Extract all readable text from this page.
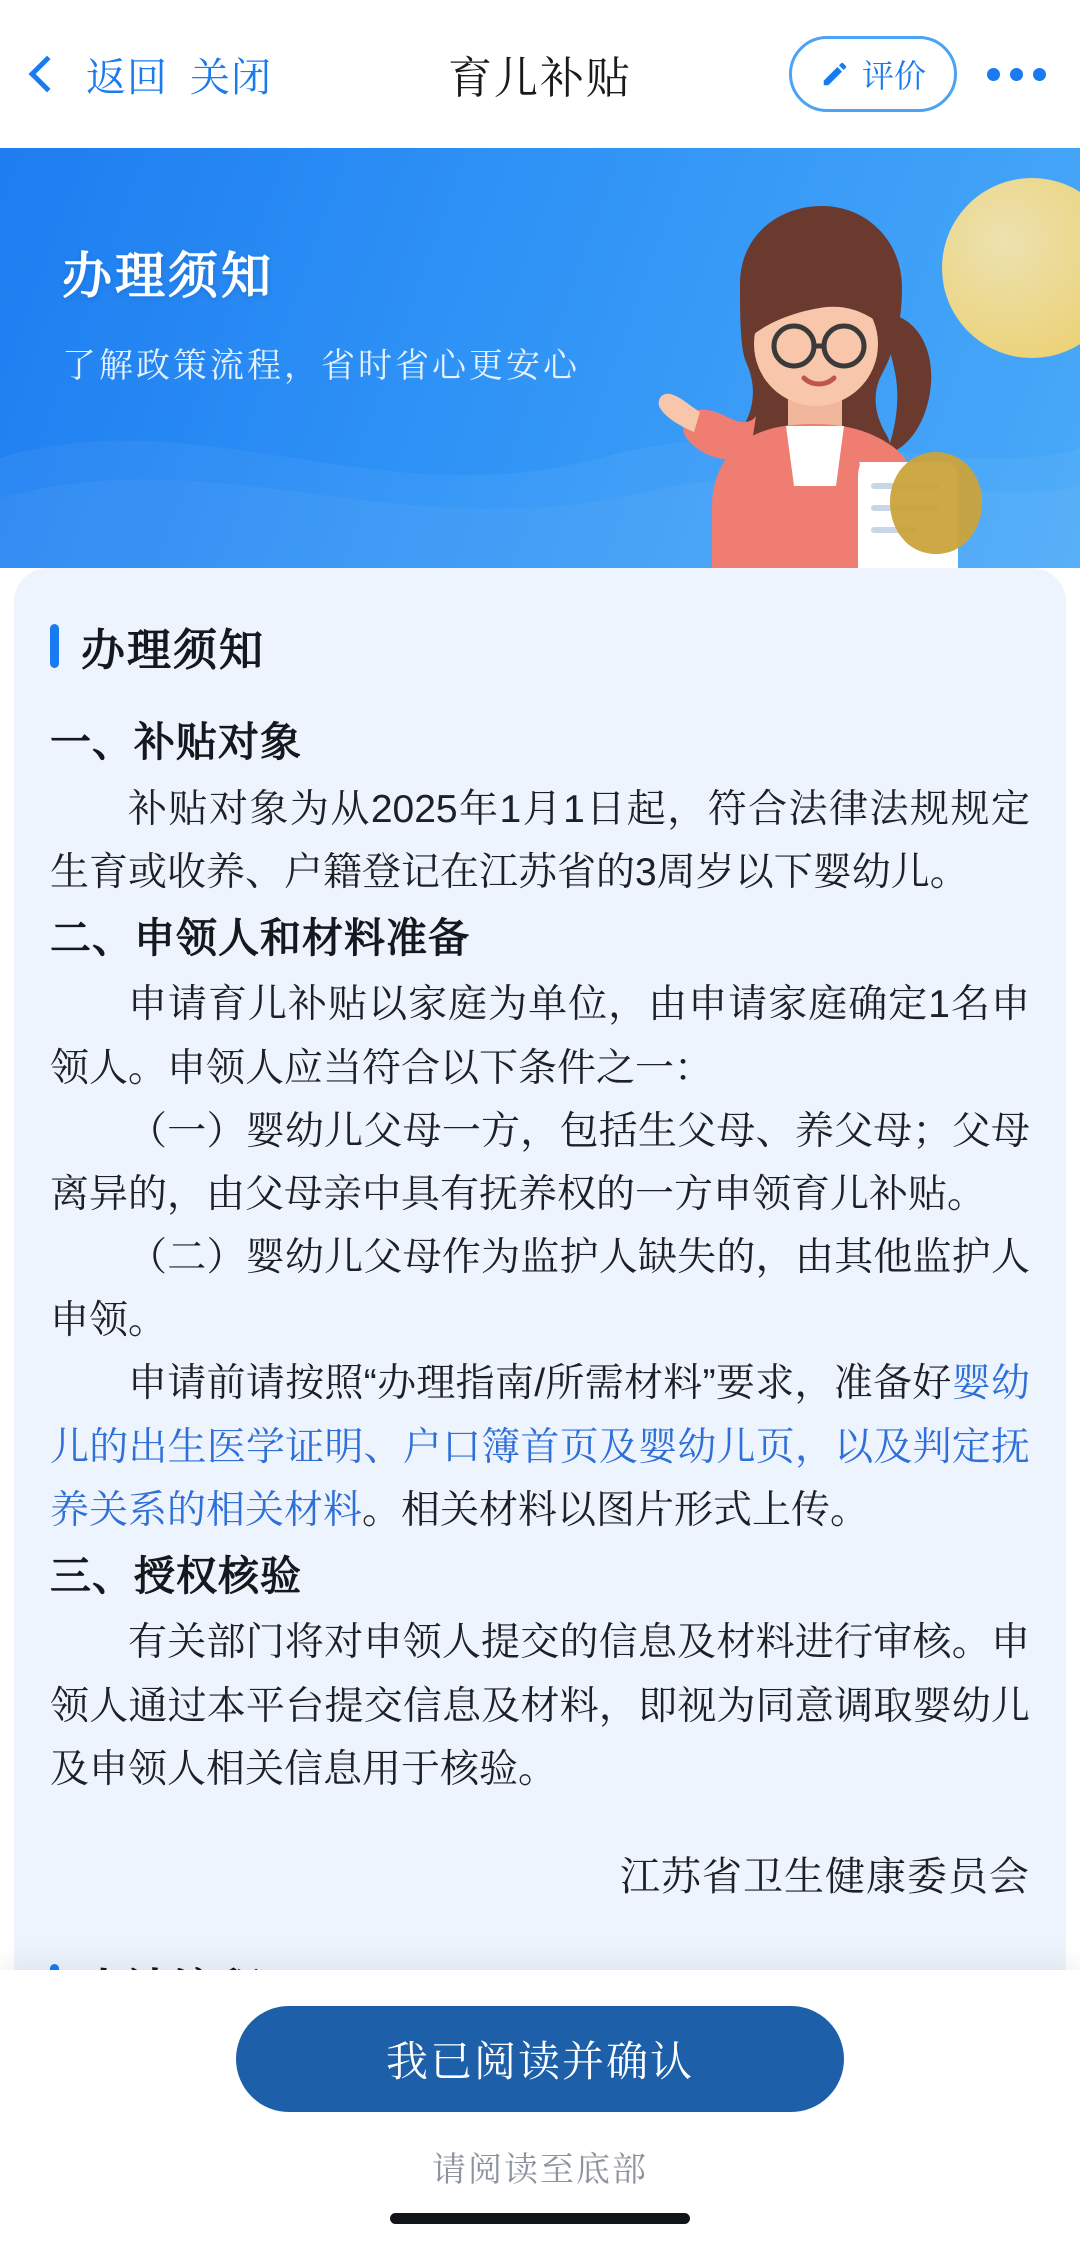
返回 关闭	育儿补贴	评价
办理须知
了解政策流程，省时省心更安心
办理须知
一、补贴对象
补贴对象为从2025年1月1日起，符合法律法规规定生育或收养、户籍登记在江苏省的3周岁以下婴幼儿。
二、申领人和材料准备
申请育儿补贴以家庭为单位，由申请家庭确定1名申领人。申领人应当符合以下条件之一：
（一）婴幼儿父母一方，包括生父母、养父母；父母离异的，由父母亲中具有抚养权的一方申领育儿补贴。
（二）婴幼儿父母作为监护人缺失的，由其他监护人申领。
申请前请按照“办理指南/所需材料”要求，准备好婴幼儿的出生医学证明、户口簿首页及婴幼儿页，以及判定抚养关系的相关材料。相关材料以图片形式上传。
三、授权核验
有关部门将对申领人提交的信息及材料进行审核。申领人通过本平台提交信息及材料，即视为同意调取婴幼儿及申领人相关信息用于核验。
江苏省卫生健康委员会
我已阅读并确认
请阅读至底部
